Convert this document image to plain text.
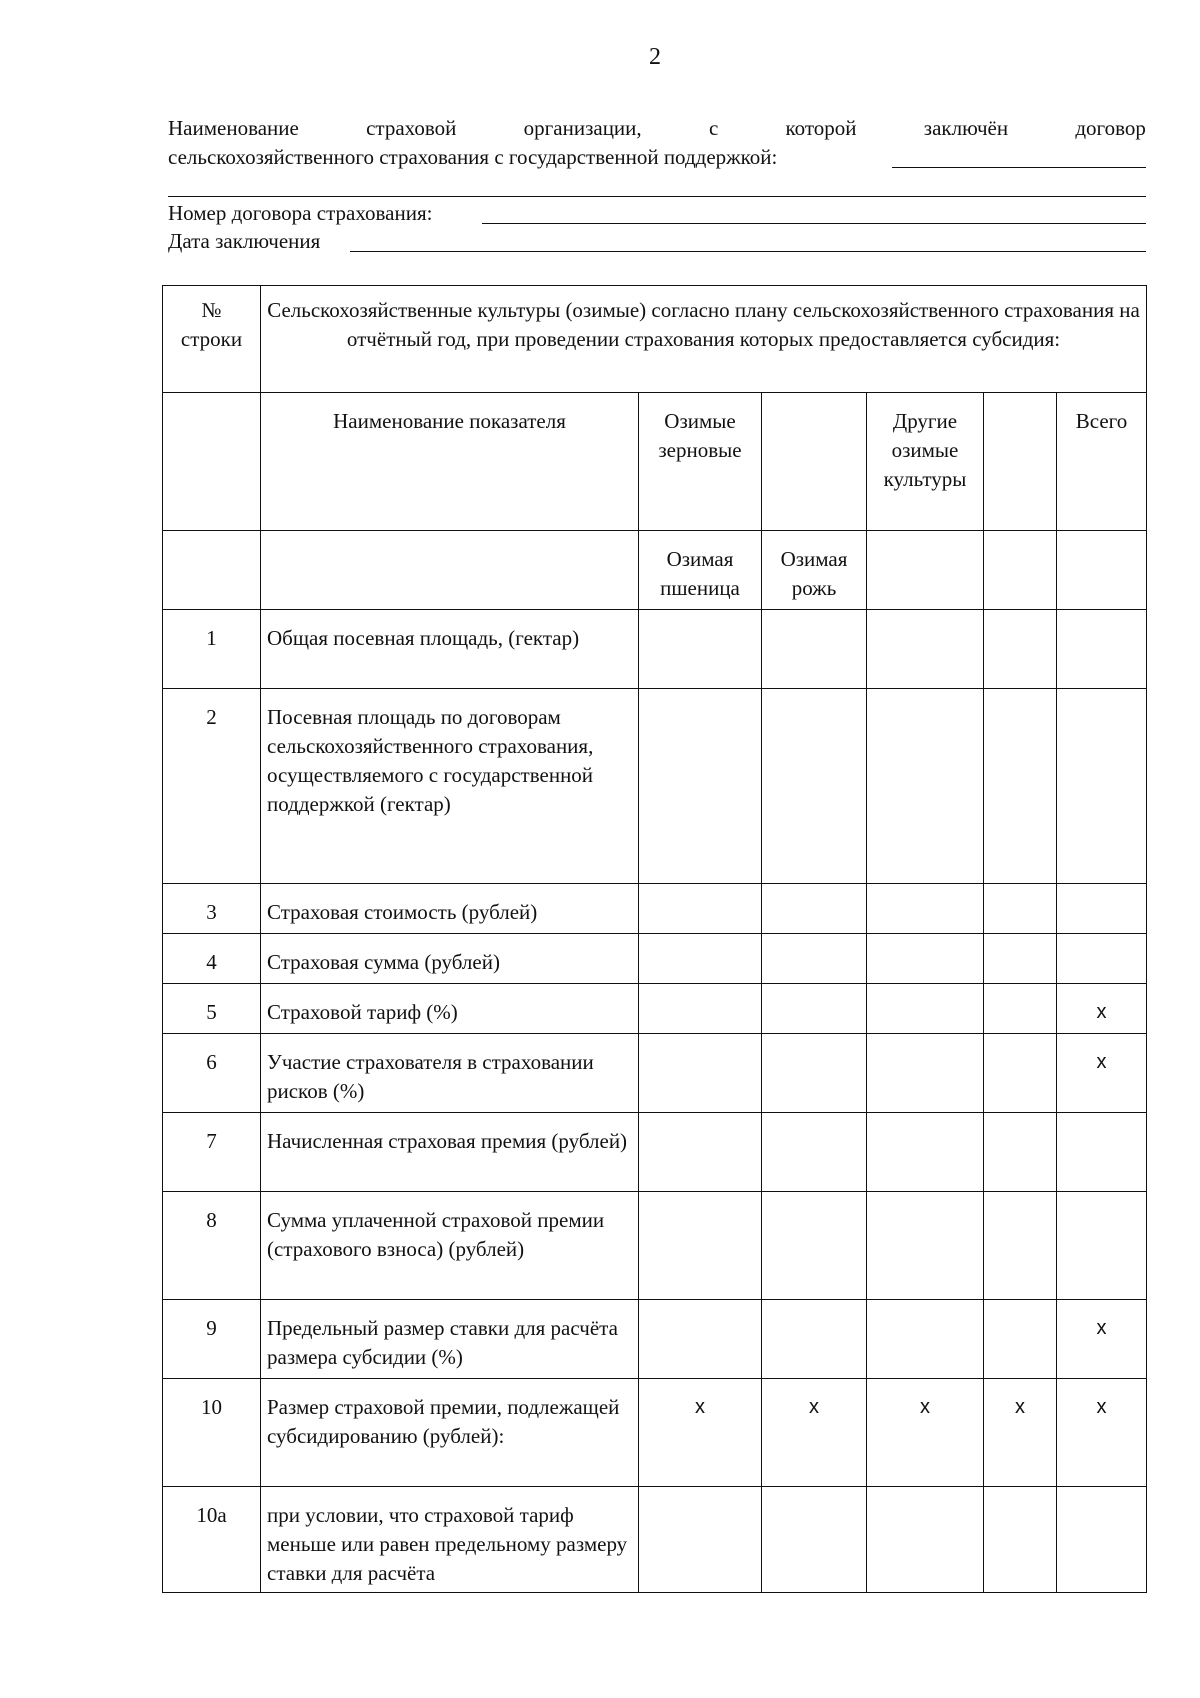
2
Наименование	страховой	организации,	с	которой	заключён	договор
сельскохозяйственного страхования с государственной поддержкой:
Номер договора страхования:
Дата заключения
№ строки	Сельскохозяйственные культуры (озимые) согласно плану сельскохозяйственного страхования на отчётный год, при проведении страхования которых предоставляется субсидия:					
	Наименование показателя	Озимые зерновые		Другие озимые культуры		Всего
		Озимая пшеница	Озимая рожь			
1	Общая посевная площадь, (гектар)					
2	Посевная площадь по договорам сельскохозяйственного страхования, осуществляемого с государственной поддержкой (гектар)					
3	Страховая стоимость (рублей)					
4	Страховая сумма (рублей)					
5	Страховой тариф (%)					x
6	Участие страхователя в страховании рисков (%)					x
7	Начисленная страховая премия (рублей)					
8	Сумма уплаченной страховой премии (страхового взноса) (рублей)					
9	Предельный размер ставки для расчёта размера субсидии (%)					x
10	Размер страховой премии, подлежащей субсидированию (рублей):	x	x	x	x	x
10а	при условии, что страховой тариф меньше или равен предельному размеру ставки для расчёта					
